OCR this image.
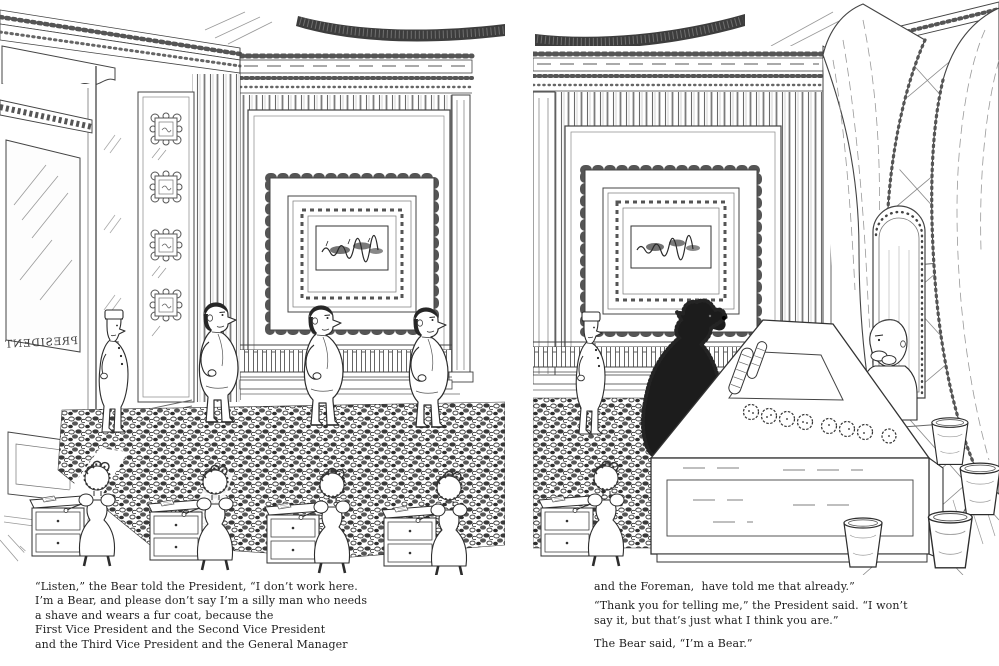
PRESIDENT
“Listen,” the Bear told the President, “I don’t work here.
I’m a Bear, and please don’t say I’m a silly man who needs
a shave and wears a fur coat, because the
First Vice President and the Second Vice President
and the Third Vice President and the General Manager

and the Foreman,  have told me that already.”

“Thank you for telling me,” the President said. “I won’t
say it, but that’s just what I think you are.”

The Bear said, “I’m a Bear.”
